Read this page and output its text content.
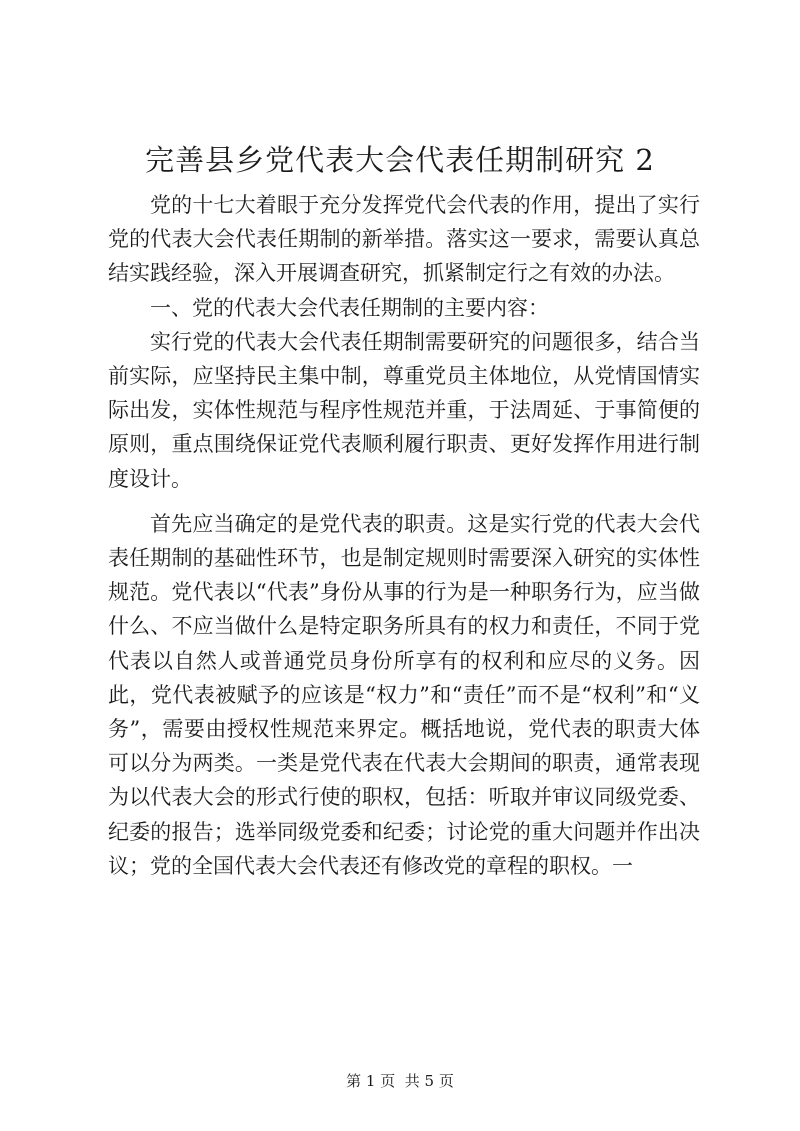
完善县乡党代表大会代表任期制研究 2

党的十七大着眼于充分发挥党代会代表的作用，提出了实行党的代表大会代表任期制的新举措。落实这一要求，需要认真总结实践经验，深入开展调查研究，抓紧制定行之有效的办法。

一、党的代表大会代表任期制的主要内容：

实行党的代表大会代表任期制需要研究的问题很多，结合当前实际，应坚持民主集中制，尊重党员主体地位，从党情国情实际出发，实体性规范与程序性规范并重，于法周延、于事简便的原则，重点围绕保证党代表顺利履行职责、更好发挥作用进行制度设计。

首先应当确定的是党代表的职责。这是实行党的代表大会代表任期制的基础性环节，也是制定规则时需要深入研究的实体性规范。党代表以“代表”身份从事的行为是一种职务行为，应当做什么、不应当做什么是特定职务所具有的权力和责任，不同于党代表以自然人或普通党员身份所享有的权利和应尽的义务。因此，党代表被赋予的应该是“权力”和“责任”而不是“权利”和“义务”，需要由授权性规范来界定。概括地说，党代表的职责大体可以分为两类。一类是党代表在代表大会期间的职责，通常表现为以代表大会的形式行使的职权，包括：听取并审议同级党委、纪委的报告；选举同级党委和纪委；讨论党的重大问题并作出决议；党的全国代表大会代表还有修改党的章程的职权。一

第 1 页  共 5 页
